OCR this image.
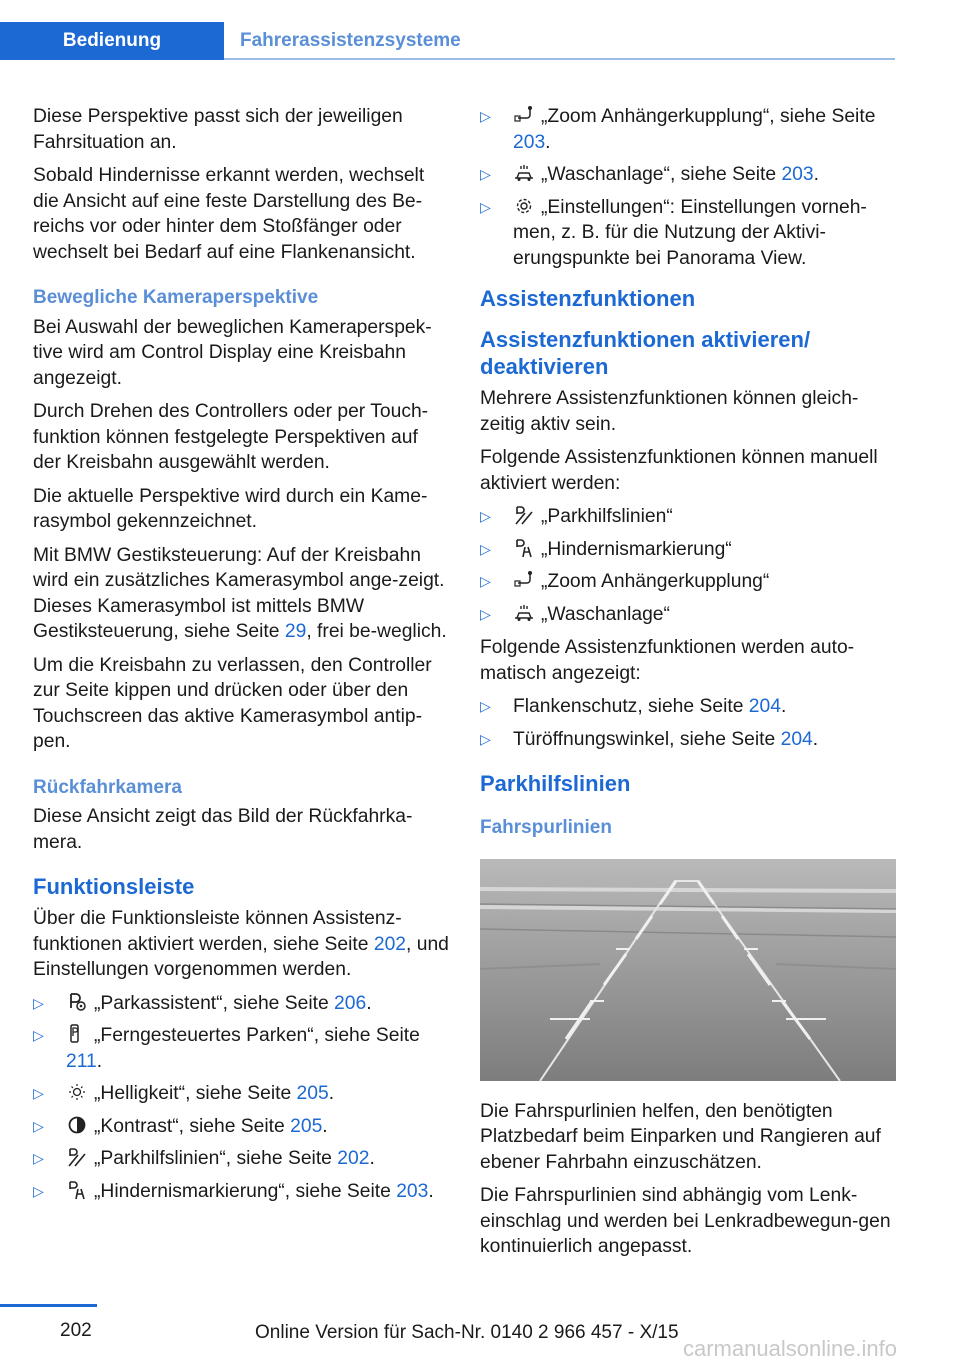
Bedienung	Fahrerassistenzsysteme

Diese Perspektive passt sich der jeweiligen Fahrsituation an.

Sobald Hindernisse erkannt werden, wechselt die Ansicht auf eine feste Darstellung des Be‐reichs vor oder hinter dem Stoßfänger oder wechselt bei Bedarf auf eine Flankenansicht.

Bewegliche Kameraperspektive

Bei Auswahl der beweglichen Kameraperspek‐tive wird am Control Display eine Kreisbahn angezeigt.

Durch Drehen des Controllers oder per Touch‐funktion können festgelegte Perspektiven auf der Kreisbahn ausgewählt werden.

Die aktuelle Perspektive wird durch ein Kame‐rasymbol gekennzeichnet.

Mit BMW Gestiksteuerung: Auf der Kreisbahn wird ein zusätzliches Kamerasymbol ange‐zeigt. Dieses Kamerasymbol ist mittels BMW Gestiksteuerung, siehe Seite 29, frei be‐weglich.

Um die Kreisbahn zu verlassen, den Controller zur Seite kippen und drücken oder über den Touchscreen das aktive Kamerasymbol antip‐pen.

Rückfahrkamera

Diese Ansicht zeigt das Bild der Rückfahrka‐mera.

Funktionsleiste

Über die Funktionsleiste können Assistenz‐funktionen aktiviert werden, siehe Seite 202, und Einstellungen vorgenommen werden.

▷	„Parkassistent“, siehe Seite 206.
▷	„Ferngesteuertes Parken“, siehe Seite 211.
▷	„Helligkeit“, siehe Seite 205.
▷	„Kontrast“, siehe Seite 205.
▷	„Parkhilfslinien“, siehe Seite 202.
▷	„Hindernismarkierung“, siehe Seite 203.
▷	„Zoom Anhängerkupplung“, siehe Seite 203.
▷	„Waschanlage“, siehe Seite 203.
▷	„Einstellungen“: Einstellungen vorneh‐men, z. B. für die Nutzung der Aktivi‐erungspunkte bei Panorama View.
Assistenzfunktionen
Assistenzfunktionen aktivieren/ deaktivieren

Mehrere Assistenzfunktionen können gleich‐zeitig aktiv sein.

Folgende Assistenzfunktionen können manuell aktiviert werden:

▷	„Parkhilfslinien“
▷	„Hindernismarkierung“
▷	„Zoom Anhängerkupplung“
▷	„Waschanlage“

Folgende Assistenzfunktionen werden auto‐matisch angezeigt:

▷ Flankenschutz, siehe Seite 204.
▷ Türöffnungswinkel, siehe Seite 204.
Parkhilfslinien
Fahrspurlinien

Die Fahrspurlinien helfen, den benötigten Platzbedarf beim Einparken und Rangieren auf ebener Fahrbahn einzuschätzen.

Die Fahrspurlinien sind abhängig vom Lenk‐einschlag und werden bei Lenkradbewegun‐gen kontinuierlich angepasst.

202	Online Version für Sach-Nr. 0140 2 966 457 - X/15
carmanualsonline.info
